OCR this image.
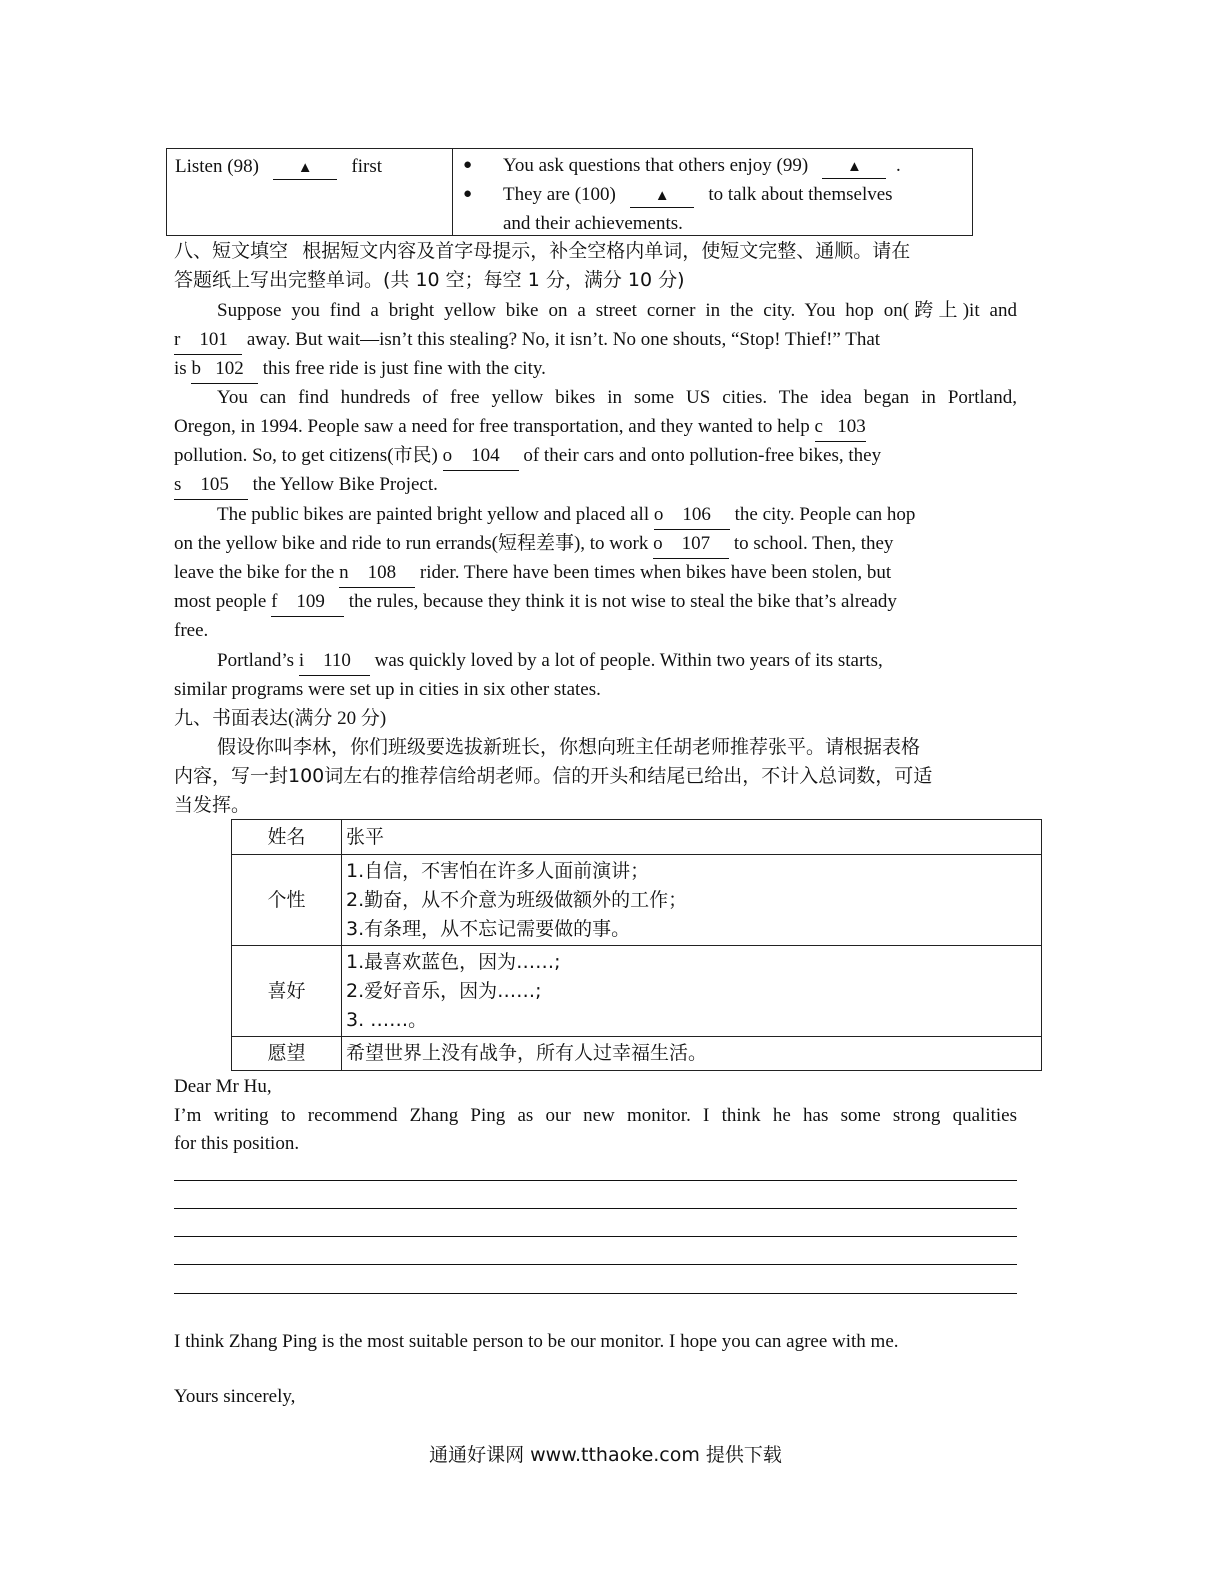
Listen (98)	▲ first	●	You ask questions that others enjoy (99)	▲ .
●	They are (100)	▲ to talk about themselves
and their achievements.
八、短文填空 根据短文内容及首字母提示，补全空格内单词，使短文完整、通顺。请在
答题纸上写出完整单词。(共 10 空；每空 1 分，满分 10 分)
Suppose you find a bright yellow bike on a street corner in the city. You hop on(跨上)it and
r    101    away. But wait—isn’t this stealing? No, it isn’t. No one shouts, “Stop! Thief!” That
is b   102    this free ride is just fine with the city.
You can find hundreds of free yellow bikes in some US cities. The idea began in Portland,
Oregon, in 1994. People saw a need for free transportation, and they wanted to help c   103
pollution. So, to get citizens(市民) o    104     of their cars and onto pollution-free bikes, they
s    105     the Yellow Bike Project.
The public bikes are painted bright yellow and placed all o    106     the city. People can hop
on the yellow bike and ride to run errands(短程差事), to work o    107     to school. Then, they
leave the bike for the n    108     rider. There have been times when bikes have been stolen, but
most people f    109     the rules, because they think it is not wise to steal the bike that’s already
free.
Portland’s i    110     was quickly loved by a lot of people. Within two years of its starts,
similar programs were set up in cities in six other states.
九、书面表达(满分 20 分)
假设你叫李林，你们班级要选拔新班长，你想向班主任胡老师推荐张平。请根据表格
内容，写一封100词左右的推荐信给胡老师。信的开头和结尾已给出，不计入总词数，可适
当发挥。
姓名	张平
个性	1.自信，不害怕在许多人面前演讲；
2.勤奋，从不介意为班级做额外的工作；
3.有条理，从不忘记需要做的事。

喜好	1.最喜欢蓝色，因为……;
2.爱好音乐，因为……;
3. ……。

愿望	希望世界上没有战争，所有人过幸福生活。
Dear Mr Hu,
I’m writing to recommend Zhang Ping as our new monitor. I think he has some strong qualities
for this position.
I think Zhang Ping is the most suitable person to be our monitor. I hope you can agree with me.
Yours sincerely,
通通好课网 www.tthaoke.com 提供下载
